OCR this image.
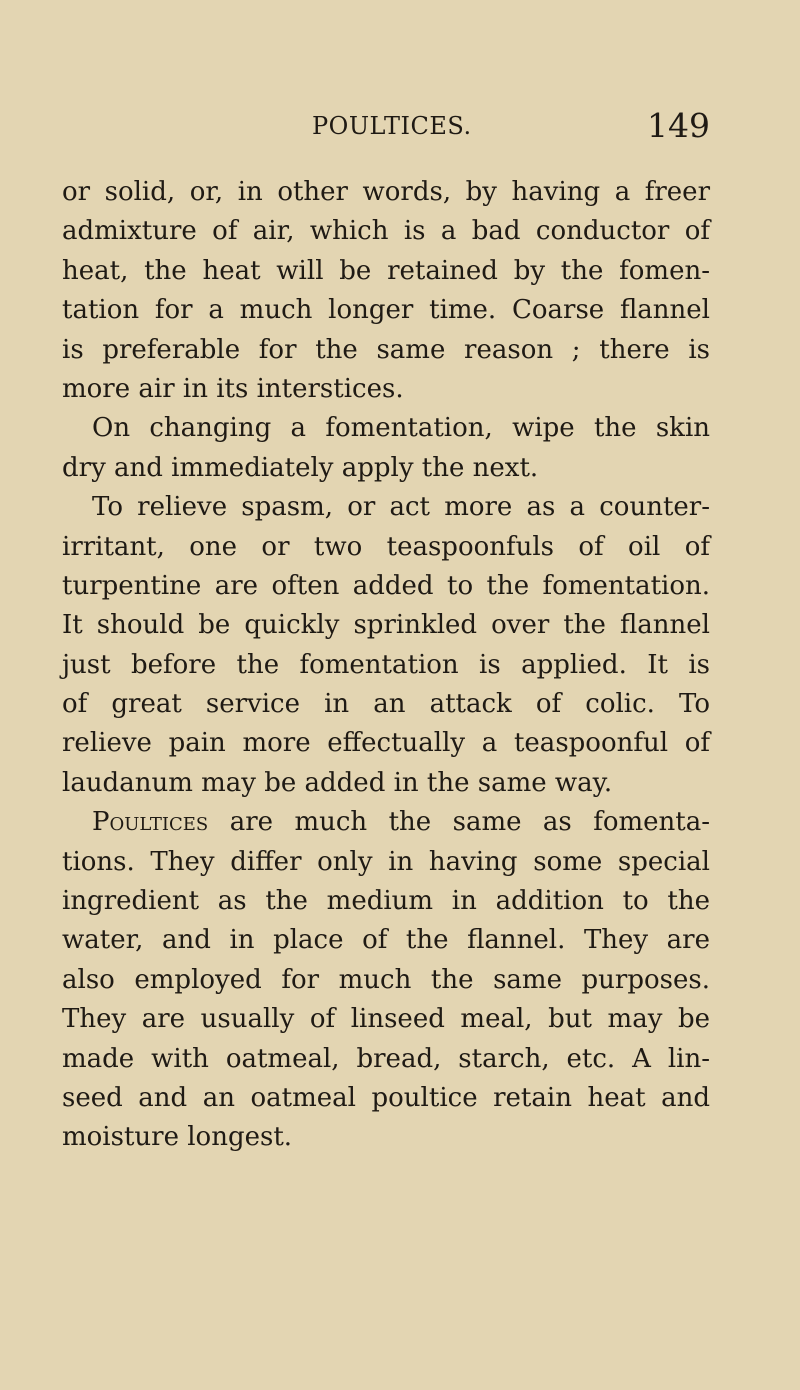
POULTICES.	149
or solid, or, in other words, by having a freer
admixture of air, which is a bad conductor of
heat, the heat will be retained by the fomen-
tation for a much longer time. Coarse flannel
is preferable for the same reason ; there is
more air in its interstices.
On changing a fomentation, wipe the skin
dry and immediately apply the next.
To relieve spasm, or act more as a counter-
irritant, one or two teaspoonfuls of oil of
turpentine are often added to the fomentation.
It should be quickly sprinkled over the flannel
just before the fomentation is applied. It is
of great service in an attack of colic. To
relieve pain more effectually a teaspoonful of
laudanum may be added in the same way.
Poultices are much the same as fomenta-
tions. They differ only in having some special
ingredient as the medium in addition to the
water, and in place of the flannel. They are
also employed for much the same purposes.
They are usually of linseed meal, but may be
made with oatmeal, bread, starch, etc. A lin-
seed and an oatmeal poultice retain heat and
moisture longest.
